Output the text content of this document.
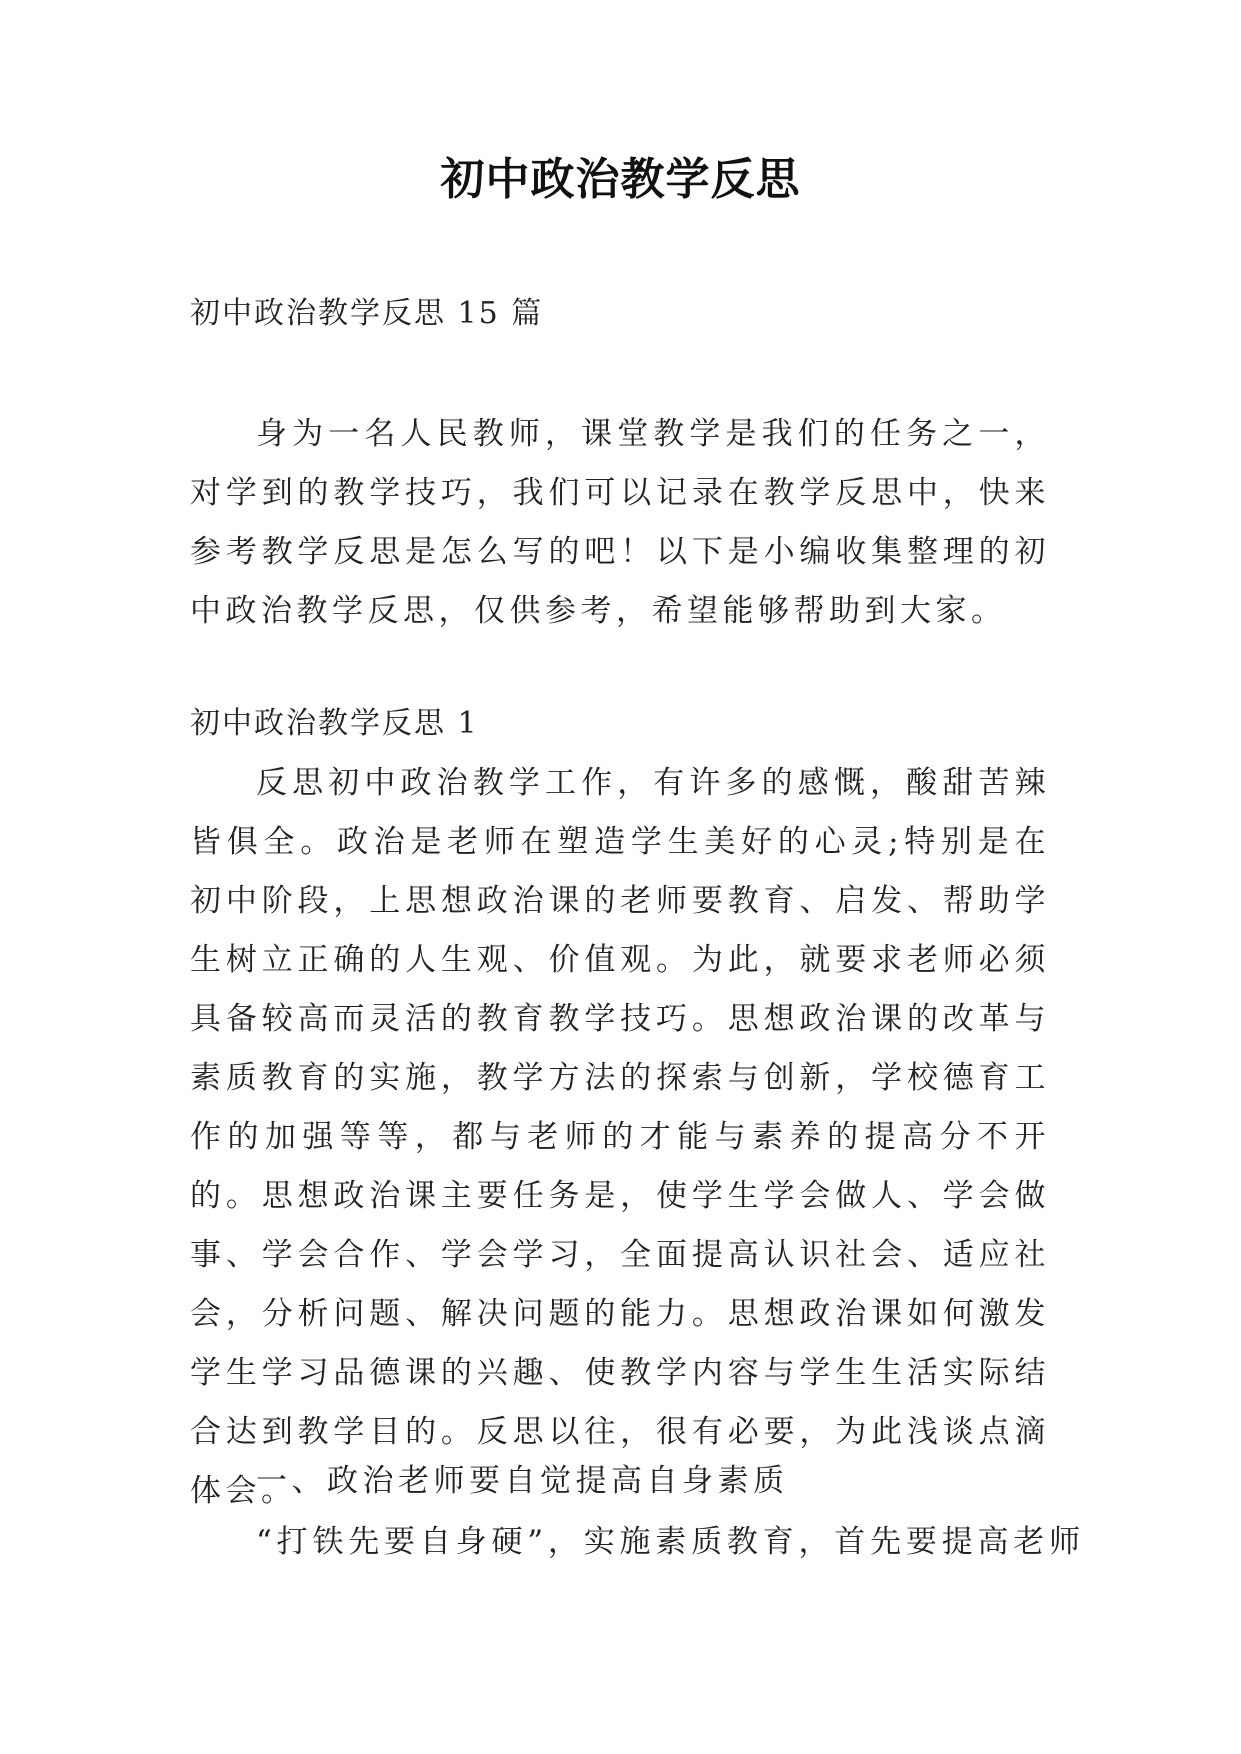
初中政治教学反思
初中政治教学反思 15 篇
身为一名人民教师，课堂教学是我们的任务之一，对学到的教学技巧，我们可以记录在教学反思中，快来参考教学反思是怎么写的吧！以下是小编收集整理的初中政治教学反思，仅供参考，希望能够帮助到大家。
初中政治教学反思 1
反思初中政治教学工作，有许多的感慨，酸甜苦辣皆俱全。政治是老师在塑造学生美好的心灵;特别是在初中阶段，上思想政治课的老师要教育、启发、帮助学生树立正确的人生观、价值观。为此，就要求老师必须具备较高而灵活的教育教学技巧。思想政治课的改革与素质教育的实施，教学方法的探索与创新，学校德育工作的加强等等，都与老师的才能与素养的提高分不开的。思想政治课主要任务是，使学生学会做人、学会做事、学会合作、学会学习，全面提高认识社会、适应社会，分析问题、解决问题的能力。思想政治课如何激发学生学习品德课的兴趣、使教学内容与学生生活实际结合达到教学目的。反思以往，很有必要，为此浅谈点滴体会。
一、政治老师要自觉提高自身素质
“打铁先要自身硬”，实施素质教育，首先要提高老师
